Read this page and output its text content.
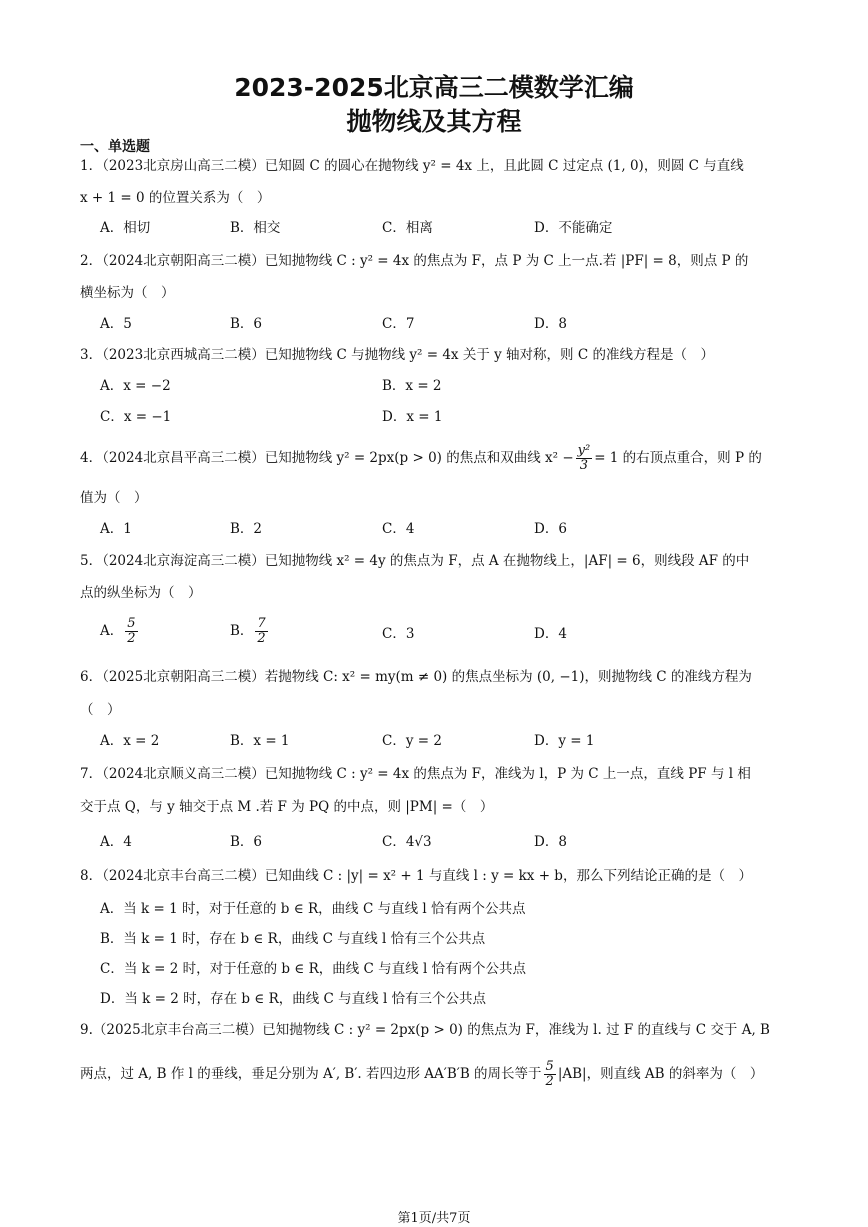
2023-2025北京高三二模数学汇编
抛物线及其方程
一、单选题
1．（2023北京房山高三二模）已知圆 C 的圆心在抛物线 y² = 4x 上，且此圆 C 过定点 (1, 0)，则圆 C 与直线
x + 1 = 0 的位置关系为（　）
A．相切	B．相交	C．相离	D．不能确定
2．（2024北京朝阳高三二模）已知抛物线 C : y² = 4x 的焦点为 F，点 P 为 C 上一点.若 |PF| = 8，则点 P 的
横坐标为（　）
A．5	B．6	C．7	D．8
3．（2023北京西城高三二模）已知抛物线 C 与抛物线 y² = 4x 关于 y 轴对称，则 C 的准线方程是（　）
A．x = −2	B．x = 2
C．x = −1	D．x = 1
4．（2024北京昌平高三二模）已知抛物线 y² = 2px(p > 0) 的焦点和双曲线 $x^2 - \frac{\text{y²}}{3} = 1$ 的右顶点重合，则 P 的
值为（　）
A．1	B．2	C．4	D．6
5．（2024北京海淀高三二模）已知抛物线 x² = 4y 的焦点为 F，点 A 在抛物线上，|AF| = 6，则线段 AF 的中
点的纵坐标为（　）
A． $\frac{5}{2}$	B． $\frac{7}{2}$	C．3	D．4
6．（2025北京朝阳高三二模）若抛物线 C: x² = my(m ≠ 0) 的焦点坐标为 (0, −1)，则抛物线 C 的准线方程为
（　）
A．x = 2	B．x = 1	C．y = 2	D．y = 1
7．（2024北京顺义高三二模）已知抛物线 C : y² = 4x 的焦点为 F，准线为 l，P 为 C 上一点，直线 PF 与 l 相
交于点 Q，与 y 轴交于点 M .若 F 为 PQ 的中点，则 |PM| =（　）
A．4	B．6	C．4√3	D．8
8．（2024北京丰台高三二模）已知曲线 C : |y| = x² + 1 与直线 l : y = kx + b，那么下列结论正确的是（　）
A．当 k = 1 时，对于任意的 b ∈ R，曲线 C 与直线 l 恰有两个公共点
B．当 k = 1 时，存在 b ∈ R，曲线 C 与直线 l 恰有三个公共点
C．当 k = 2 时，对于任意的 b ∈ R，曲线 C 与直线 l 恰有两个公共点
D．当 k = 2 时，存在 b ∈ R，曲线 C 与直线 l 恰有三个公共点
9.（2025北京丰台高三二模）已知抛物线 C : y² = 2px(p > 0) 的焦点为 F，准线为 l. 过 F 的直线与 C 交于 A, B
两点，过 A, B 作 l 的垂线，垂足分别为 A′, B′. 若四边形 AA′B′B 的周长等于 $\frac{5}{2} |AB|$，则直线 AB 的斜率为（　）
第1页/共7页
